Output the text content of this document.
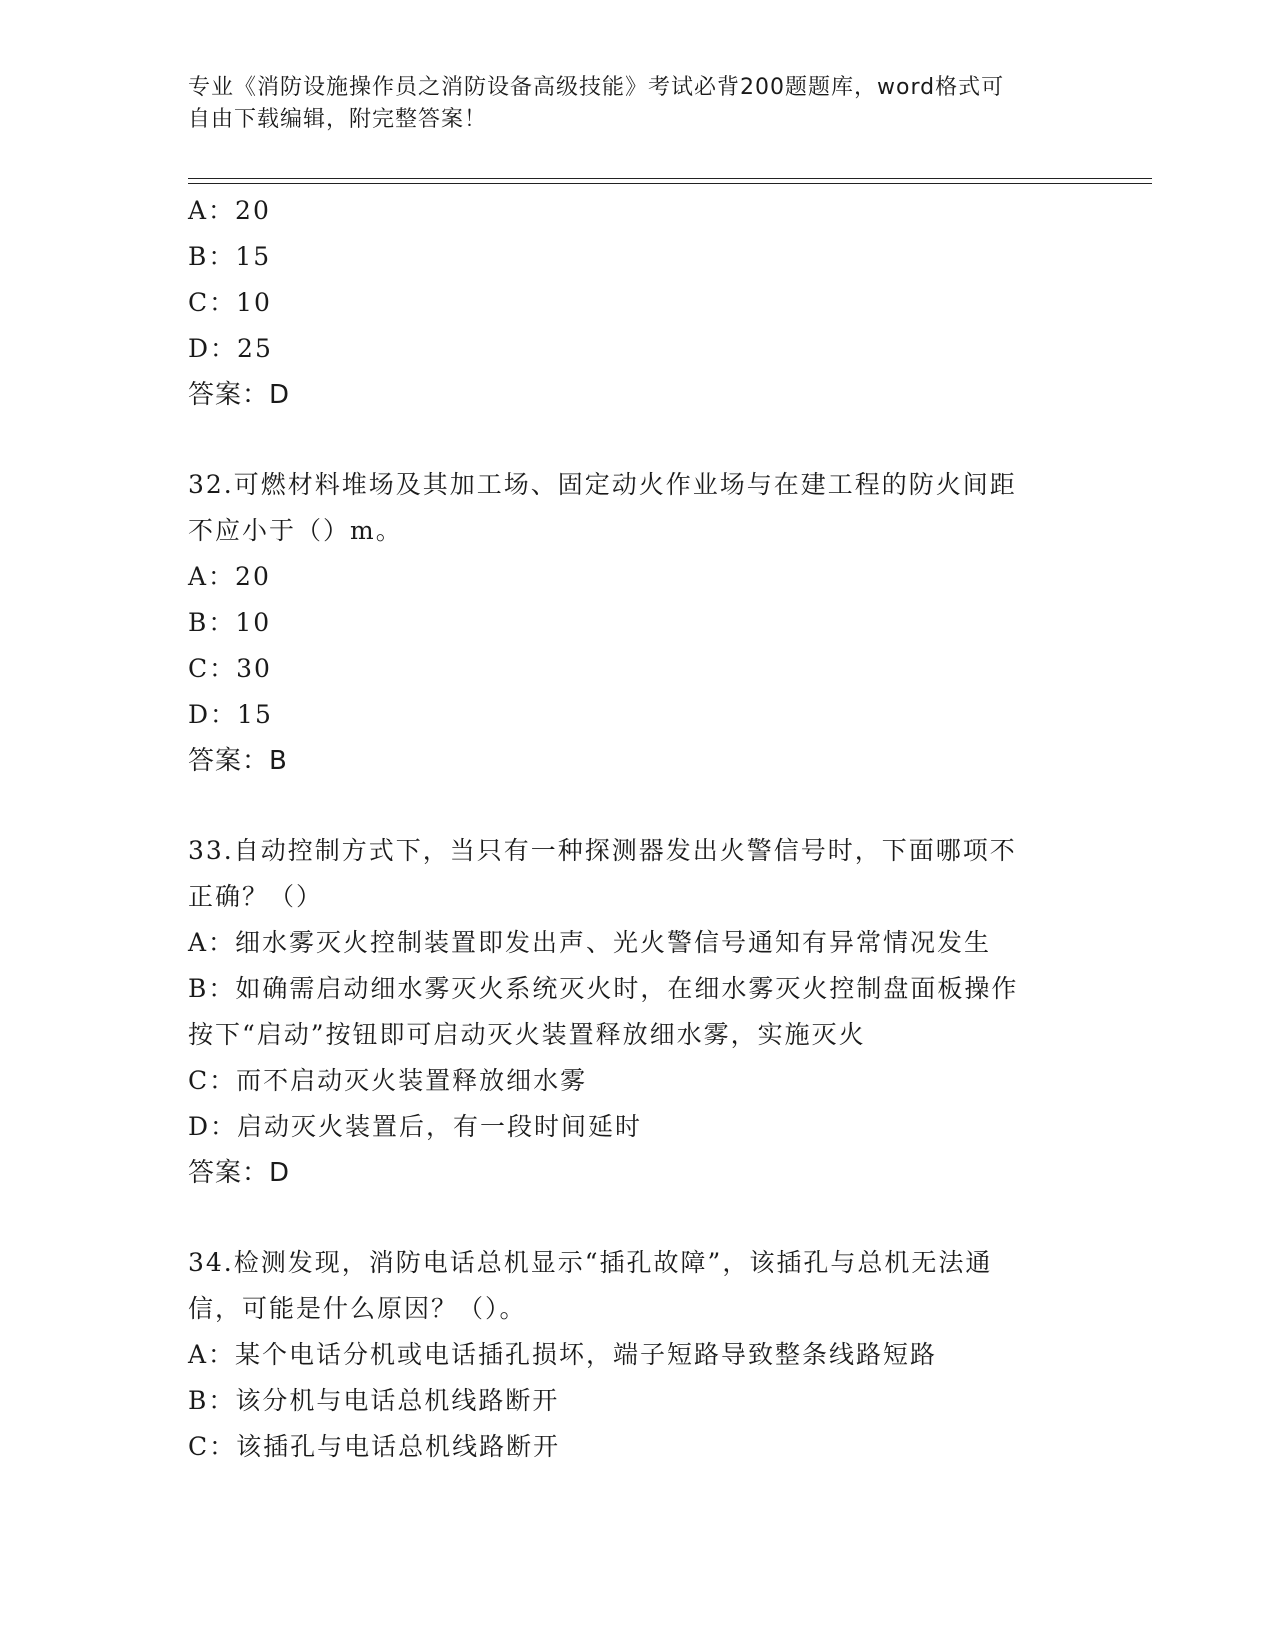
专业《消防设施操作员之消防设备高级技能》考试必背200题题库，word格式可
自由下载编辑，附完整答案！
A：20
B：15
C：10
D：25
答案：D
32.可燃材料堆场及其加工场、固定动火作业场与在建工程的防火间距
不应小于（）m。
A：20
B：10
C：30
D：15
答案：B
33.自动控制方式下，当只有一种探测器发出火警信号时，下面哪项不
正确？（）
A：细水雾灭火控制装置即发出声、光火警信号通知有异常情况发生
B：如确需启动细水雾灭火系统灭火时，在细水雾灭火控制盘面板操作
按下“启动”按钮即可启动灭火装置释放细水雾，实施灭火
C：而不启动灭火装置释放细水雾
D：启动灭火装置后，有一段时间延时
答案：D
34.检测发现，消防电话总机显示“插孔故障”，该插孔与总机无法通
信，可能是什么原因？（）。
A：某个电话分机或电话插孔损坏，端子短路导致整条线路短路
B：该分机与电话总机线路断开
C：该插孔与电话总机线路断开
